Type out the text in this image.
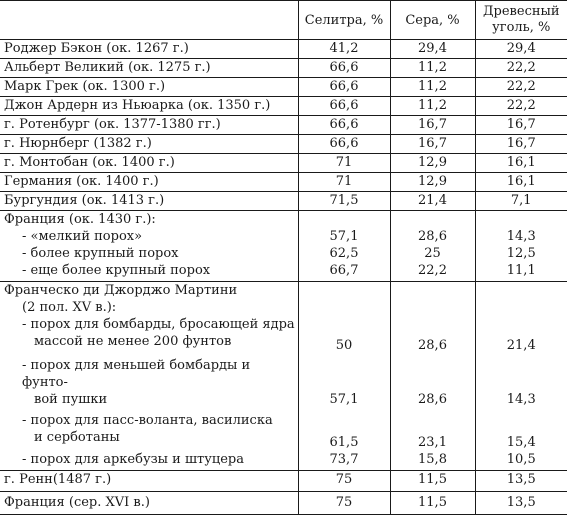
	Селитра, %	Сера, %	Древесный
уголь, %

Роджер Бэкон (ок. 1267 г.)	41,2	29,4	29,4
Альберт Великий (ок. 1275 г.)	66,6	11,2	22,2
Марк Грек (ок. 1300 г.)	66,6	11,2	22,2
Джон Ардерн из Ньюарка (ок. 1350 г.)	66,6	11,2	22,2
г. Ротенбург (ок. 1377-1380 гг.)	66,6	16,7	16,7
г. Нюрнберг (1382 г.)	66,6	16,7	16,7
г. Монтобан (ок. 1400 г.)	71	12,9	16,1
Германия (ок. 1400 г.)	71	12,9	16,1
Бургундия (ок. 1413 г.)	71,5	21,4	7,1
Франция (ок. 1430 г.):			

- «мелкий порох»	57,1	28,6	14,3

- более крупный порох	62,5	25	12,5

- еще более крупный порох	66,7	22,2	11,1
Франческо ди Джорджо Мартини			

(2 пол. XV в.):			

- порох для бомбарды, бросающей ядра
массой не менее 200 фунтов	50	28,6	21,4

- порох для меньшей бомбарды и фунто-
вой пушки	57,1	28,6	14,3

- порох для пасс-воланта, василиска
и серботаны	61,5	23,1	15,4

- порох для аркебузы и штуцера	73,7	15,8	10,5
г. Ренн(1487 г.)	75	11,5	13,5
Франция (сер. XVI в.)	75	11,5	13,5
